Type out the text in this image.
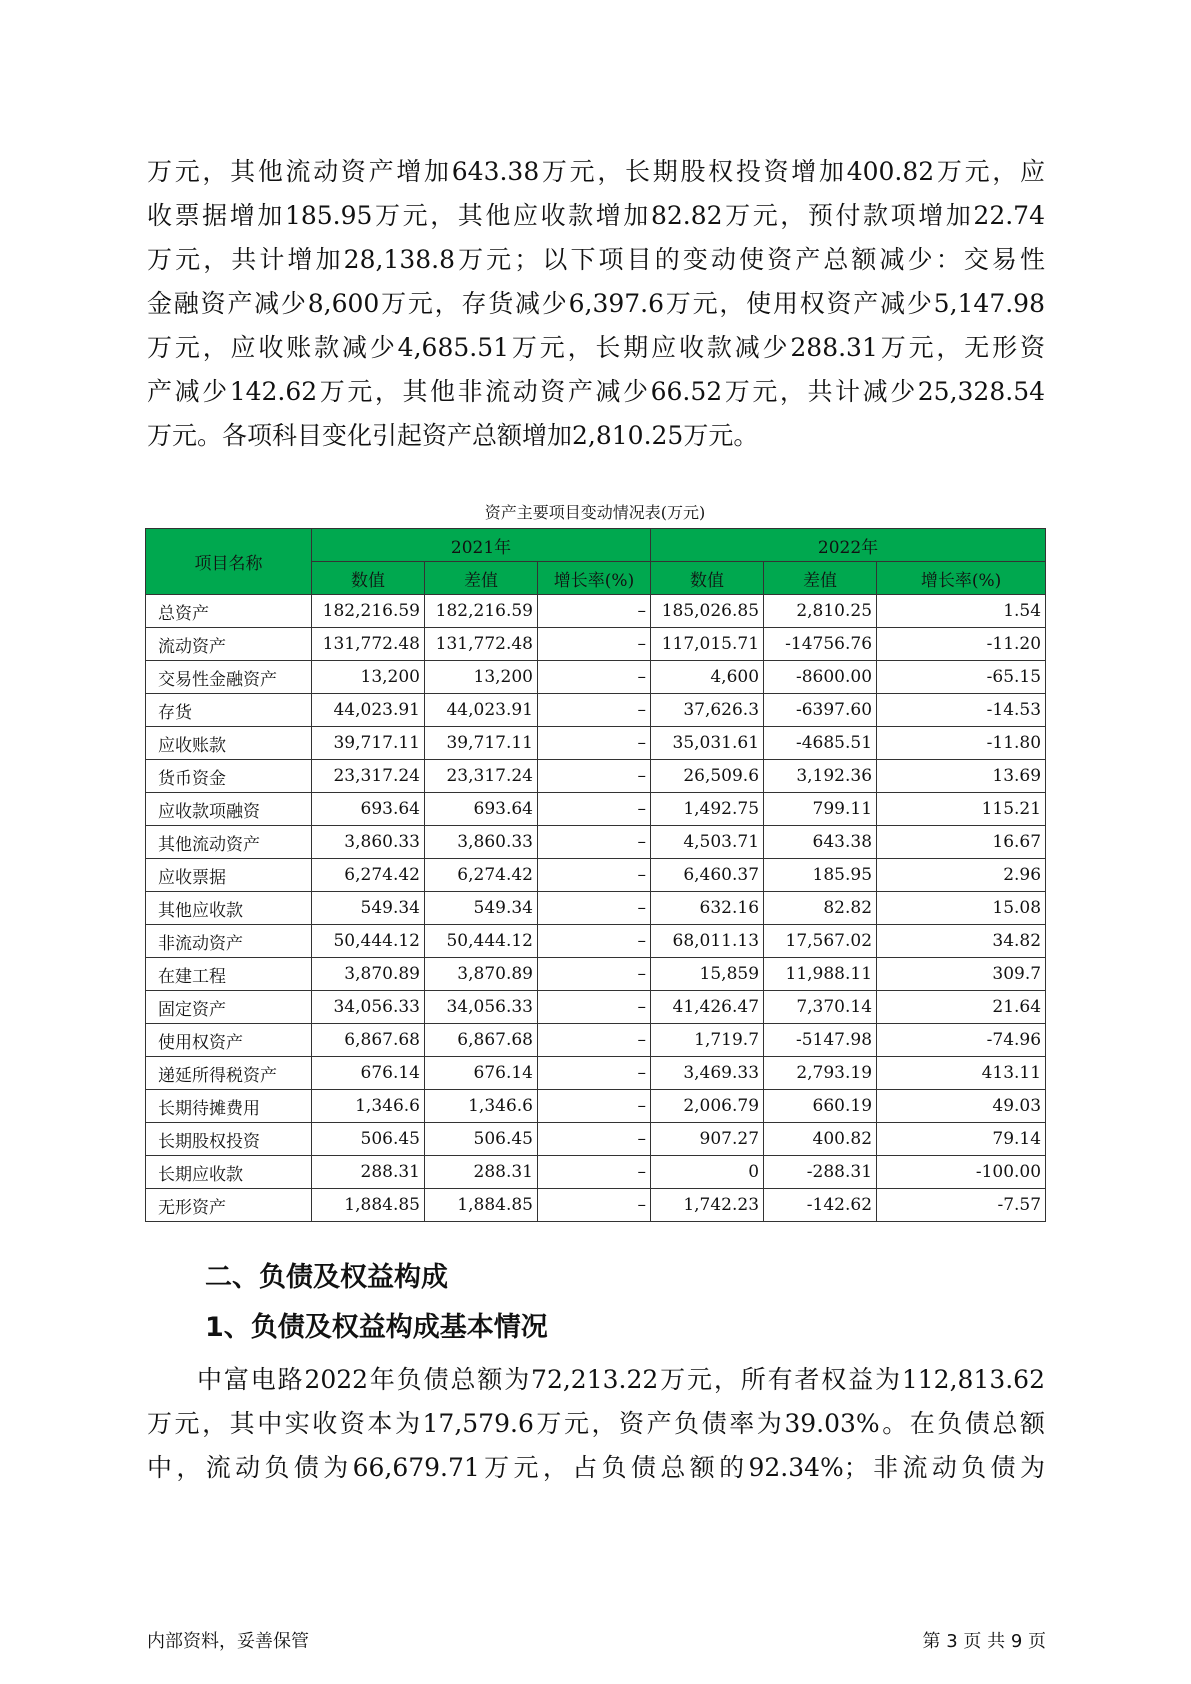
万元，其他流动资产增加643.38万元，长期股权投资增加400.82万元，应
收票据增加185.95万元，其他应收款增加82.82万元，预付款项增加22.74
万元，共计增加28,138.8万元；以下项目的变动使资产总额减少：交易性
金融资产减少8,600万元，存货减少6,397.6万元，使用权资产减少5,147.98
万元，应收账款减少4,685.51万元，长期应收款减少288.31万元，无形资
产减少142.62万元，其他非流动资产减少66.52万元，共计减少25,328.54
万元。各项科目变化引起资产总额增加2,810.25万元。
资产主要项目变动情况表(万元)
项目名称	2021年			2022年		
	数值	差值	增长率(%)	数值	差值	增长率(%)
总资产	182,216.59	182,216.59	–	185,026.85	2,810.25	1.54
流动资产	131,772.48	131,772.48	–	117,015.71	-14756.76	-11.20
交易性金融资产	13,200	13,200	–	4,600	-8600.00	-65.15
存货	44,023.91	44,023.91	–	37,626.3	-6397.60	-14.53
应收账款	39,717.11	39,717.11	–	35,031.61	-4685.51	-11.80
货币资金	23,317.24	23,317.24	–	26,509.6	3,192.36	13.69
应收款项融资	693.64	693.64	–	1,492.75	799.11	115.21
其他流动资产	3,860.33	3,860.33	–	4,503.71	643.38	16.67
应收票据	6,274.42	6,274.42	–	6,460.37	185.95	2.96
其他应收款	549.34	549.34	–	632.16	82.82	15.08
非流动资产	50,444.12	50,444.12	–	68,011.13	17,567.02	34.82
在建工程	3,870.89	3,870.89	–	15,859	11,988.11	309.7
固定资产	34,056.33	34,056.33	–	41,426.47	7,370.14	21.64
使用权资产	6,867.68	6,867.68	–	1,719.7	-5147.98	-74.96
递延所得税资产	676.14	676.14	–	3,469.33	2,793.19	413.11
长期待摊费用	1,346.6	1,346.6	–	2,006.79	660.19	49.03
长期股权投资	506.45	506.45	–	907.27	400.82	79.14
长期应收款	288.31	288.31	–	0	-288.31	-100.00
无形资产	1,884.85	1,884.85	–	1,742.23	-142.62	-7.57
二、负债及权益构成
1、负债及权益构成基本情况
中富电路2022年负债总额为72,213.22万元，所有者权益为112,813.62
万元，其中实收资本为17,579.6万元，资产负债率为39.03%。在负债总额
中，流动负债为66,679.71万元，占负债总额的92.34%；非流动负债为
内部资料，妥善保管	第 3 页 共 9 页
